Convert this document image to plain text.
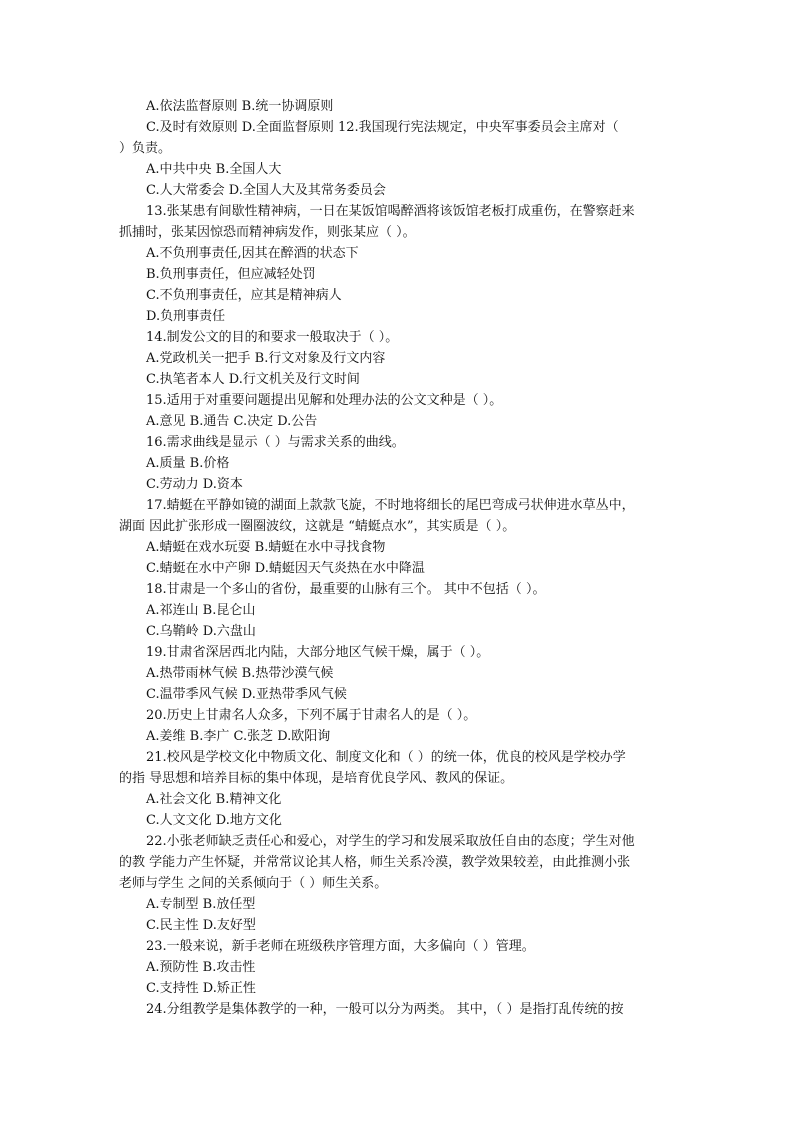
A.依法监督原则 B.统一协调原则
C.及时有效原则 D.全面监督原则 12.我国现行宪法规定，中央军事委员会主席对（
）负责。
A.中共中央 B.全国人大
C.人大常委会 D.全国人大及其常务委员会
13.张某患有间歇性精神病，一日在某饭馆喝醉酒将该饭馆老板打成重伤，在警察赶来
抓捕时，张某因惊恐而精神病发作，则张某应（ ）。
A.不负刑事责任,因其在醉酒的状态下
B.负刑事责任，但应减轻处罚
C.不负刑事责任，应其是精神病人
D.负刑事责任
14.制发公文的目的和要求一般取决于（ ）。
A.党政机关一把手 B.行文对象及行文内容
C.执笔者本人 D.行文机关及行文时间
15.适用于对重要问题提出见解和处理办法的公文文种是（ ）。
A.意见 B.通告 C.决定 D.公告
16.需求曲线是显示（ ）与需求关系的曲线。
A.质量 B.价格
C.劳动力 D.资本
17.蜻蜓在平静如镜的湖面上款款飞旋，不时地将细长的尾巴弯成弓状伸进水草丛中，
湖面 因此扩张形成一圈圈波纹，这就是 “蜻蜓点水”，其实质是（ ）。
A.蜻蜓在戏水玩耍 B.蜻蜓在水中寻找食物
C.蜻蜓在水中产卵 D.蜻蜓因天气炎热在水中降温
18.甘肃是一个多山的省份，最重要的山脉有三个。 其中不包括（ ）。
A.祁连山 B.昆仑山
C.乌鞘岭 D.六盘山
19.甘肃省深居西北内陆，大部分地区气候干燥，属于（ ）。
A.热带雨林气候 B.热带沙漠气候
C.温带季风气候 D.亚热带季风气候
20.历史上甘肃名人众多，下列不属于甘肃名人的是（ ）。
A.姜维 B.李广 C.张芝 D.欧阳询
21.校风是学校文化中物质文化、制度文化和（ ）的统一体，优良的校风是学校办学
的指 导思想和培养目标的集中体现，是培育优良学风、教风的保证。
A.社会文化 B.精神文化
C.人文文化 D.地方文化
22.小张老师缺乏责任心和爱心，对学生的学习和发展采取放任自由的态度；学生对他
的教 学能力产生怀疑，并常常议论其人格，师生关系冷漠，教学效果较差，由此推测小张
老师与学生 之间的关系倾向于（ ）师生关系。
A.专制型 B.放任型
C.民主性 D.友好型
23.一般来说，新手老师在班级秩序管理方面，大多偏向（ ）管理。
A.预防性 B.攻击性
C.支持性 D.矫正性
24.分组教学是集体教学的一种，一般可以分为两类。 其中，（ ）是指打乱传统的按
